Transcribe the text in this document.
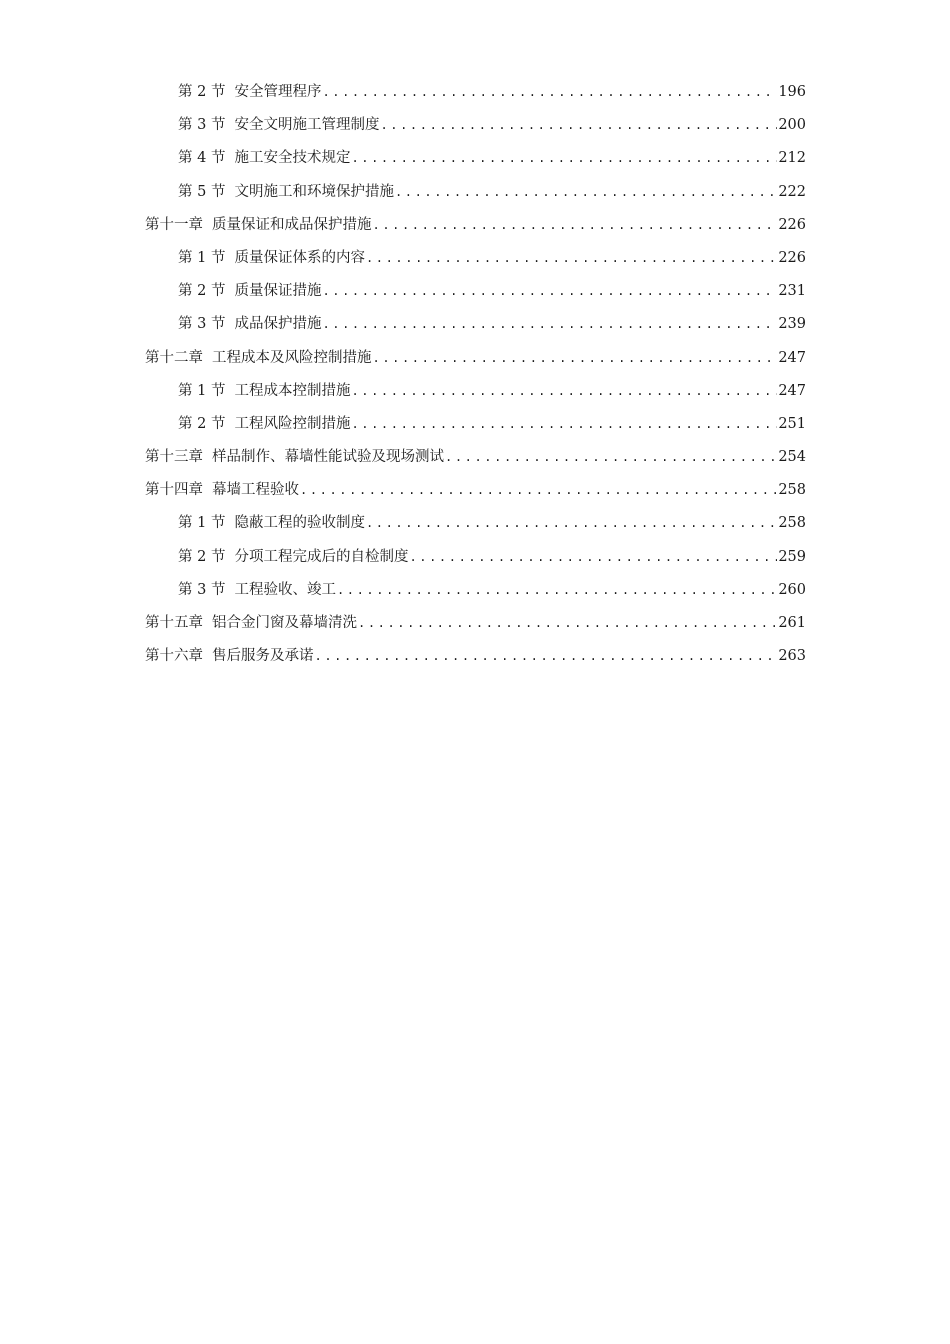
第 2 节 安全管理程序 .....	196
第 3 节 安全文明施工管理制度 .....	200
第 4 节 施工安全技术规定 .....	212
第 5 节 文明施工和环境保护措施 .....	222
第十一章 质量保证和成品保护措施 .....	226
第 1 节 质量保证体系的内容 .....	226
第 2 节 质量保证措施 .....	231
第 3 节 成品保护措施 .....	239
第十二章 工程成本及风险控制措施 .....	247
第 1 节 工程成本控制措施 .....	247
第 2 节 工程风险控制措施 .....	251
第十三章 样品制作、幕墙性能试验及现场测试 .....	254
第十四章 幕墙工程验收 .....	258
第 1 节 隐蔽工程的验收制度 .....	258
第 2 节 分项工程完成后的自检制度 .....	259
第 3 节 工程验收、竣工 .....	260
第十五章 铝合金门窗及幕墙清洗 .....	261
第十六章 售后服务及承诺 .....	263
